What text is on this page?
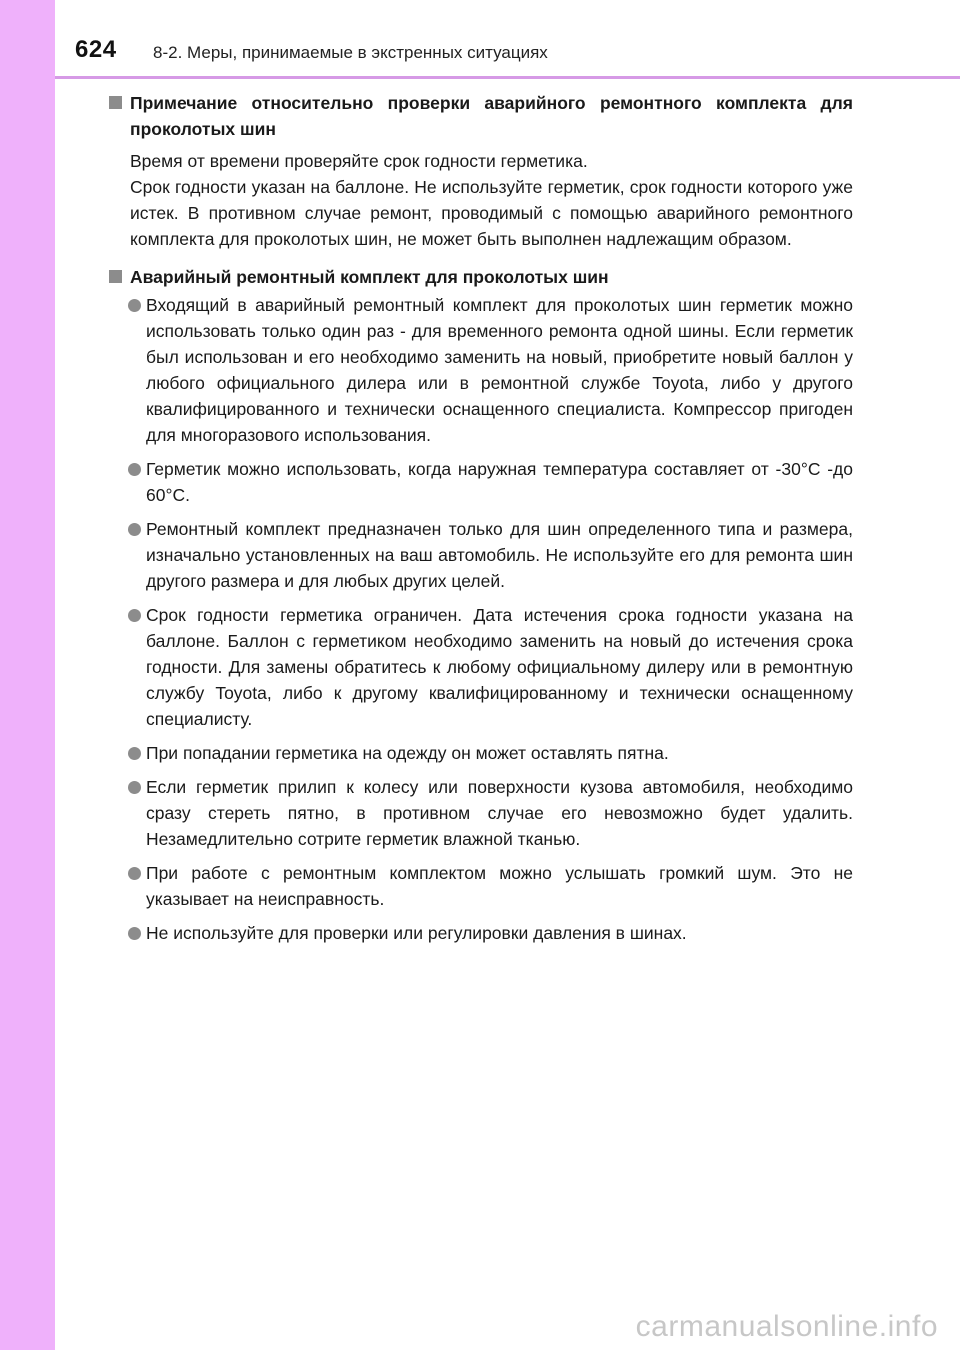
624 8-2. Меры, принимаемые в экстренных ситуациях
Примечание относительно проверки аварийного ремонтного комплекта для проколотых шин

Время от времени проверяйте срок годности герметика.

Срок годности указан на баллоне. Не используйте герметик, срок годности которого уже истек. В противном случае ремонт, проводимый с помощью аварийного ремонтного комплекта для проколотых шин, не может быть выполнен надлежащим образом.

Аварийный ремонтный комплект для проколотых шин
Входящий в аварийный ремонтный комплект для проколотых шин герметик можно использовать только один раз - для временного ремонта одной шины. Если герметик был использован и его необходимо заменить на новый, приобретите новый баллон у любого официального дилера или в ремонтной службе Toyota, либо у другого квалифицированного и технически оснащенного специалиста. Компрессор пригоден для многоразового использования.
Герметик можно использовать, когда наружная температура составляет от -30°C -до 60°C.
Ремонтный комплект предназначен только для шин определенного типа и размера, изначально установленных на ваш автомобиль. Не используйте его для ремонта шин другого размера и для любых других целей.
Срок годности герметика ограничен. Дата истечения срока годности указана на баллоне. Баллон с герметиком необходимо заменить на новый до истечения срока годности. Для замены обратитесь к любому официальному дилеру или в ремонтную службу Toyota, либо к другому квалифицированному и технически оснащенному специалисту.
При попадании герметика на одежду он может оставлять пятна.
Если герметик прилип к колесу или поверхности кузова автомобиля, необходимо сразу стереть пятно, в противном случае его невозможно будет удалить. Незамедлительно сотрите герметик влажной тканью.
При работе с ремонтным комплектом можно услышать громкий шум. Это не указывает на неисправность.
Не используйте для проверки или регулировки давления в шинах.
carmanualsonline.info
